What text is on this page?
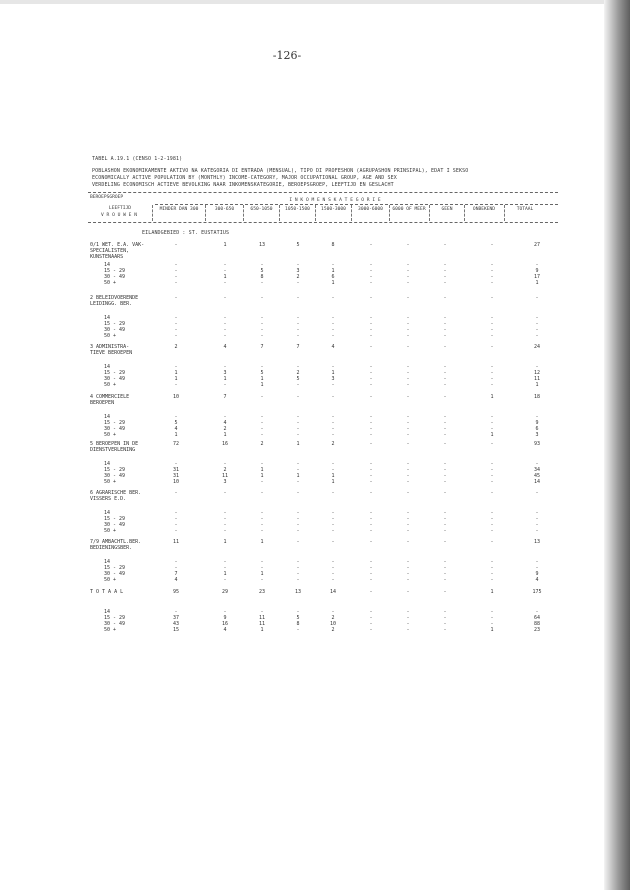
-126-
TABEL A.19.1 (CENSO 1-2-1981)
POBLASHON EKONOMIKAMENTE AKTIVO NA KATEGORIA DI ENTRADA (MENSUAL), TIPO DI PROFESHON (AGRUPASHON PRINSIPAL), EDAT I SEKSO
ECONOMICALLY ACTIVE POPULATION BY (MONTHLY) INCOME-CATEGORY, MAJOR OCCUPATIONAL GROUP, AGE AND SEX
VERDELING ECONOMISCH ACTIEVE BEVOLKING NAAR INKOMENSKATEGORIE, BEROEPSGROEP, LEEFTIJD EN GESLACHT
BEROEPSGROEP
I N K O M E N S K A T E G O R I E
LEEFTIJD
V R O U W E N
MINDER DAN 300	300-650	650-1050	1050-1500	1500-3000	3000-6000	6000 OF MEER	GEEN	ONBEKEND	TOTAAL
EILANDGEBIED : ST. EUSTATIUS
0/1 WET. E.A. VAK-
SPECIALISTEN,
KUNSTENAARS
-	1	13	5	8	-	-	-	-	27
14	-	-	-	-	-	-	-	-	-	-
15 - 29	-	-	5	3	1	-	-	-	-	9
30 - 49	-	1	8	2	6	-	-	-	-	17
50 +	-	-	-	-	1	-	-	-	-	1
2 BELEIDVOERENDE
LEIDINGG. BER.
-	-	-	-	-	-	-	-	-	-
14	-	-	-	-	-	-	-	-	-	-
15 - 29	-	-	-	-	-	-	-	-	-	-
30 - 49	-	-	-	-	-	-	-	-	-	-
50 +	-	-	-	-	-	-	-	-	-	-
3 ADMINISTRA-
TIEVE BEROEPEN
2	4	7	7	4	-	-	-	-	24
14	-	-	-	-	-	-	-	-	-	-
15 - 29	1	3	5	2	1	-	-	-	-	12
30 - 49	1	1	1	5	3	-	-	-	-	11
50 +	-	-	1	-	-	-	-	-	-	1
4 COMMERCIELE
BEROEPEN
10	7	-	-	-	-	-	-	1	18
14	-	-	-	-	-	-	-	-	-	-
15 - 29	5	4	-	-	-	-	-	-	-	9
30 - 49	4	2	-	-	-	-	-	-	-	6
50 +	1	1	-	-	-	-	-	-	1	3
5 BEROEPEN IN DE
DIENSTVERLENING
72	16	2	1	2	-	-	-	-	93
14	-	-	-	-	-	-	-	-	-	-
15 - 29	31	2	1	-	-	-	-	-	-	34
30 - 49	31	11	1	1	1	-	-	-	-	45
50 +	10	3	-	-	1	-	-	-	-	14
6 AGRARISCHE BER.
VISSERS E.D.
-	-	-	-	-	-	-	-	-	-
14	-	-	-	-	-	-	-	-	-	-
15 - 29	-	-	-	-	-	-	-	-	-	-
30 - 49	-	-	-	-	-	-	-	-	-	-
50 +	-	-	-	-	-	-	-	-	-	-
7/9 AMBACHTL.BER.
BEDIENINGSBER.
11	1	1	-	-	-	-	-	-	13
14	-	-	-	-	-	-	-	-	-	-
15 - 29	-	-	-	-	-	-	-	-	-	-
30 - 49	7	1	1	-	-	-	-	-	-	9
50 +	4	-	-	-	-	-	-	-	-	4
T O T A A L	95	29	23	13	14	-	-	-	1	175
14	-	-	-	-	-	-	-	-	-	-
15 - 29	37	9	11	5	2	-	-	-	-	64
30 - 49	43	16	11	8	10	-	-	-	-	88
50 +	15	4	1	-	2	-	-	-	1	23
